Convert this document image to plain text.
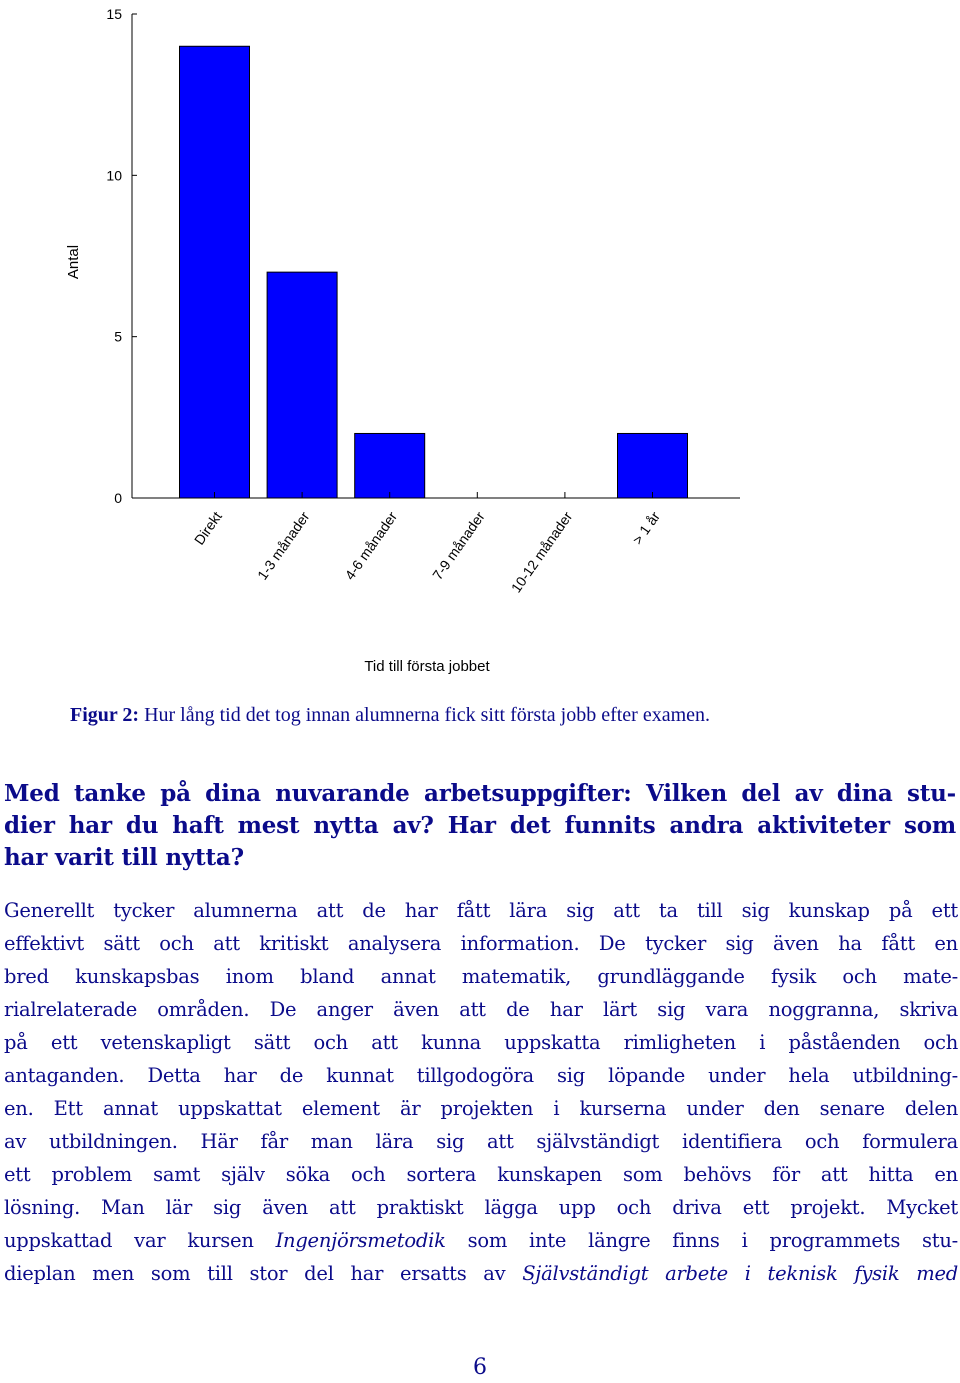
0
5
10
15
Direkt 1-3 månader 4-6 månader 7-9 månader 10-12 månader	> 1 år
Antal
Tid till första jobbet
Figur 2: Hur lång tid det tog innan alumnerna fick sitt första jobb efter examen.
Med tanke på dina nuvarande arbetsuppgifter: Vilken del av dina stu-
dier har du haft mest nytta av? Har det funnits andra aktiviteter som
har varit till nytta?
Generellt tycker alumnerna att de har fått lära sig att ta till sig kunskap på ett
effektivt sätt och att kritiskt analysera information. De tycker sig även ha fått en
bred kunskapsbas inom bland annat matematik, grundläggande fysik och mate-
rialrelaterade områden. De anger även att de har lärt sig vara noggranna, skriva
på ett vetenskapligt sätt och att kunna uppskatta rimligheten i påståenden och
antaganden. Detta har de kunnat tillgodogöra sig löpande under hela utbildning-
en. Ett annat uppskattat element är projekten i kurserna under den senare delen
av utbildningen. Här får man lära sig att självständigt identifiera och formulera
ett problem samt själv söka och sortera kunskapen som behövs för att hitta en
lösning. Man lär sig även att praktiskt lägga upp och driva ett projekt. Mycket
uppskattad var kursen Ingenjörsmetodik som inte längre finns i programmets stu-
dieplan men som till stor del har ersatts av Självständigt arbete i teknisk fysik med
6
